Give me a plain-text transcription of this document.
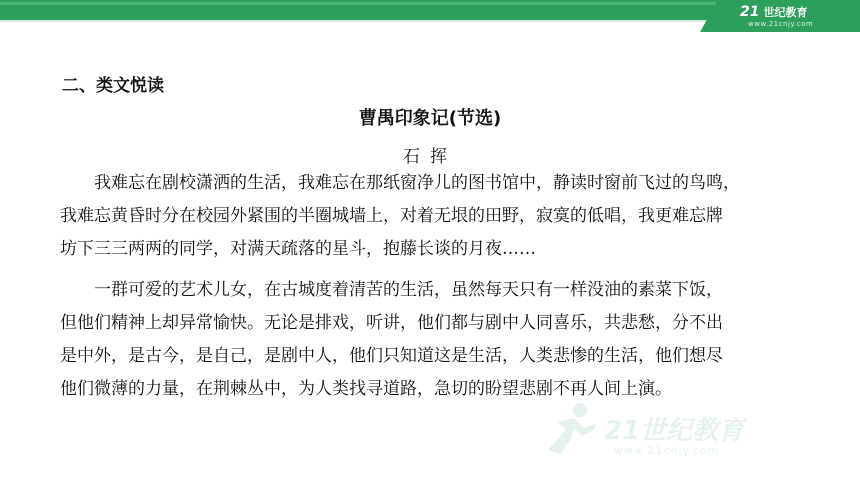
21 世纪教育
www.21cnjy.com
二、类文悦读
曹禺印象记(节选)
石挥
我难忘在剧校潇洒的生活，我难忘在那纸窗净儿的图书馆中，静读时窗前飞过的鸟鸣，
我难忘黄昏时分在校园外紧围的半圈城墙上，对着无垠的田野，寂寞的低唱，我更难忘牌
坊下三三两两的同学，对满天疏落的星斗，抱藤长谈的月夜……
一群可爱的艺术儿女，在古城度着清苦的生活，虽然每天只有一样没油的素菜下饭，
但他们精神上却异常愉快。无论是排戏，听讲，他们都与剧中人同喜乐，共悲愁，分不出
是中外，是古今，是自己，是剧中人，他们只知道这是生活，人类悲惨的生活，他们想尽
他们微薄的力量，在荆棘丛中，为人类找寻道路，急切的盼望悲剧不再人间上演。
21世纪教育
www.21cnjy.com
